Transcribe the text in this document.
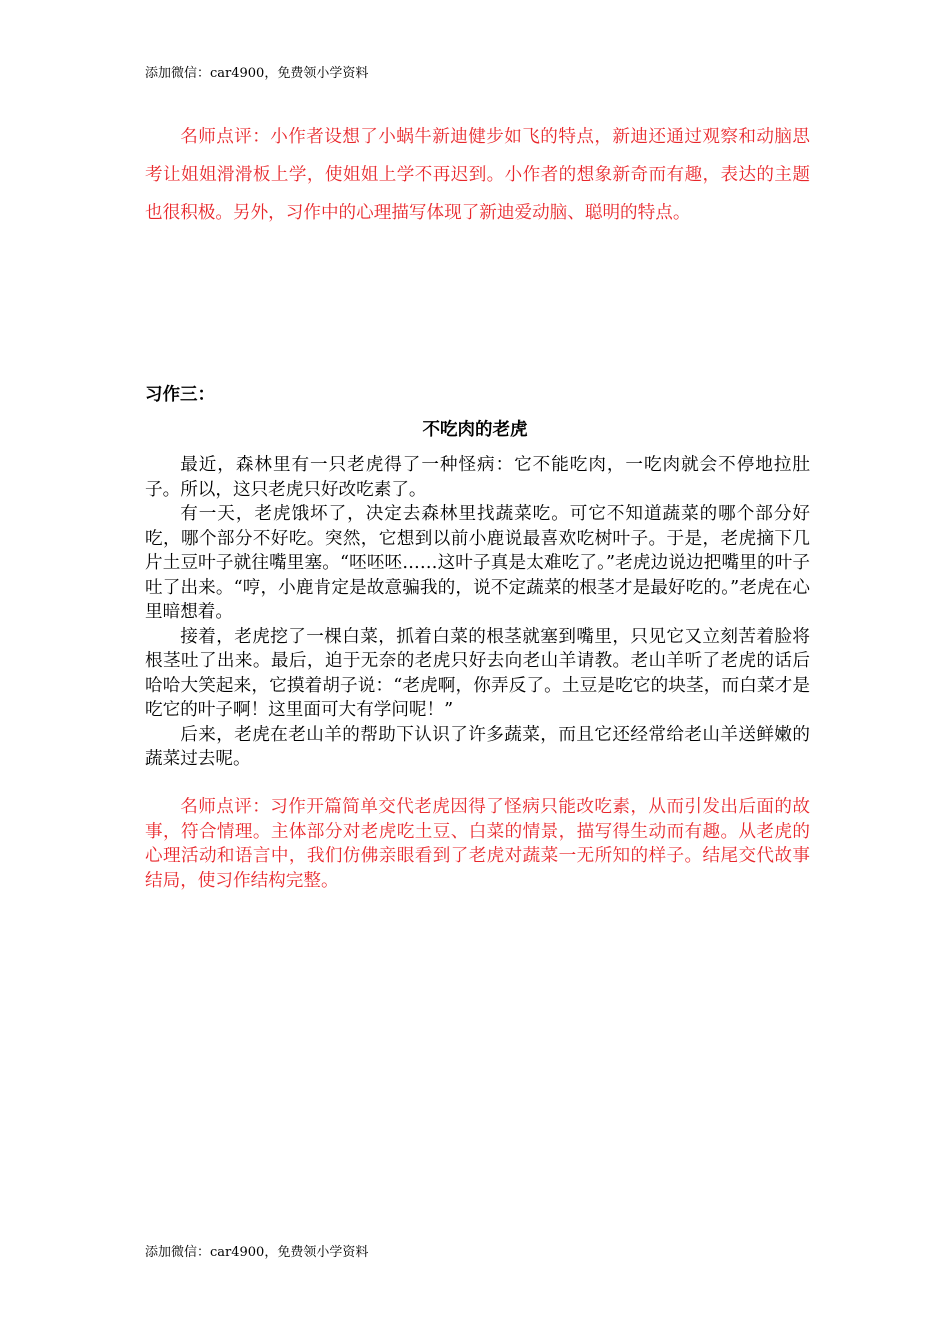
添加微信：car4900，免费领小学资料
名师点评：小作者设想了小蜗牛新迪健步如飞的特点，新迪还通过观察和动脑思考让姐姐滑滑板上学，使姐姐上学不再迟到。小作者的想象新奇而有趣，表达的主题也很积极。另外，习作中的心理描写体现了新迪爱动脑、聪明的特点。
习作三：
不吃肉的老虎

最近，森林里有一只老虎得了一种怪病：它不能吃肉，一吃肉就会不停地拉肚子。所以，这只老虎只好改吃素了。

有一天，老虎饿坏了，决定去森林里找蔬菜吃。可它不知道蔬菜的哪个部分好吃，哪个部分不好吃。突然，它想到以前小鹿说最喜欢吃树叶子。于是，老虎摘下几片土豆叶子就往嘴里塞。“呸呸呸……这叶子真是太难吃了。”老虎边说边把嘴里的叶子吐了出来。“哼，小鹿肯定是故意骗我的，说不定蔬菜的根茎才是最好吃的。”老虎在心里暗想着。

接着，老虎挖了一棵白菜，抓着白菜的根茎就塞到嘴里，只见它又立刻苦着脸将根茎吐了出来。最后，迫于无奈的老虎只好去向老山羊请教。老山羊听了老虎的话后哈哈大笑起来，它摸着胡子说：“老虎啊，你弄反了。土豆是吃它的块茎，而白菜才是吃它的叶子啊！这里面可大有学问呢！”

后来，老虎在老山羊的帮助下认识了许多蔬菜，而且它还经常给老山羊送鲜嫩的蔬菜过去呢。

名师点评：习作开篇简单交代老虎因得了怪病只能改吃素，从而引发出后面的故事，符合情理。主体部分对老虎吃土豆、白菜的情景，描写得生动而有趣。从老虎的心理活动和语言中，我们仿佛亲眼看到了老虎对蔬菜一无所知的样子。结尾交代故事结局，使习作结构完整。
添加微信：car4900，免费领小学资料
